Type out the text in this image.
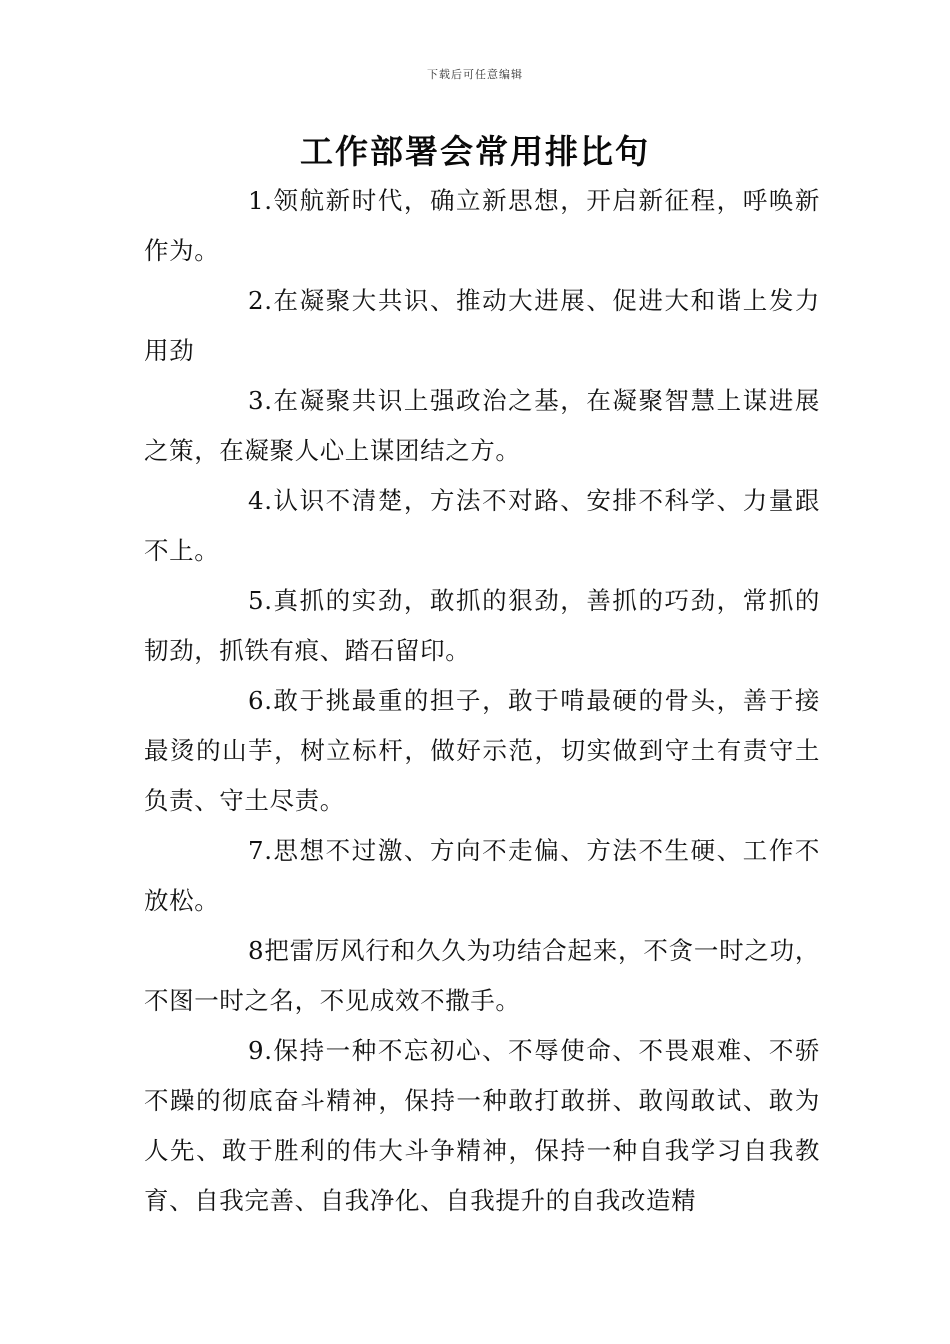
下载后可任意编辑
工作部署会常用排比句

1.领航新时代，确立新思想，开启新征程，呼唤新作为。

2.在凝聚大共识、推动大进展、促进大和谐上发力用劲

3.在凝聚共识上强政治之基，在凝聚智慧上谋进展之策，在凝聚人心上谋团结之方。

4.认识不清楚，方法不对路、安排不科学、力量跟不上。

5.真抓的实劲，敢抓的狠劲，善抓的巧劲，常抓的韧劲，抓铁有痕、踏石留印。

6.敢于挑最重的担子，敢于啃最硬的骨头，善于接最烫的山芋，树立标杆，做好示范，切实做到守土有责守土负责、守土尽责。

7.思想不过激、方向不走偏、方法不生硬、工作不放松。

8把雷厉风行和久久为功结合起来，不贪一时之功，不图一时之名，不见成效不撒手。

9.保持一种不忘初心、不辱使命、不畏艰难、不骄不躁的彻底奋斗精神，保持一种敢打敢拼、敢闯敢试、敢为人先、敢于胜利的伟大斗争精神，保持一种自我学习自我教育、自我完善、自我净化、自我提升的自我改造精
